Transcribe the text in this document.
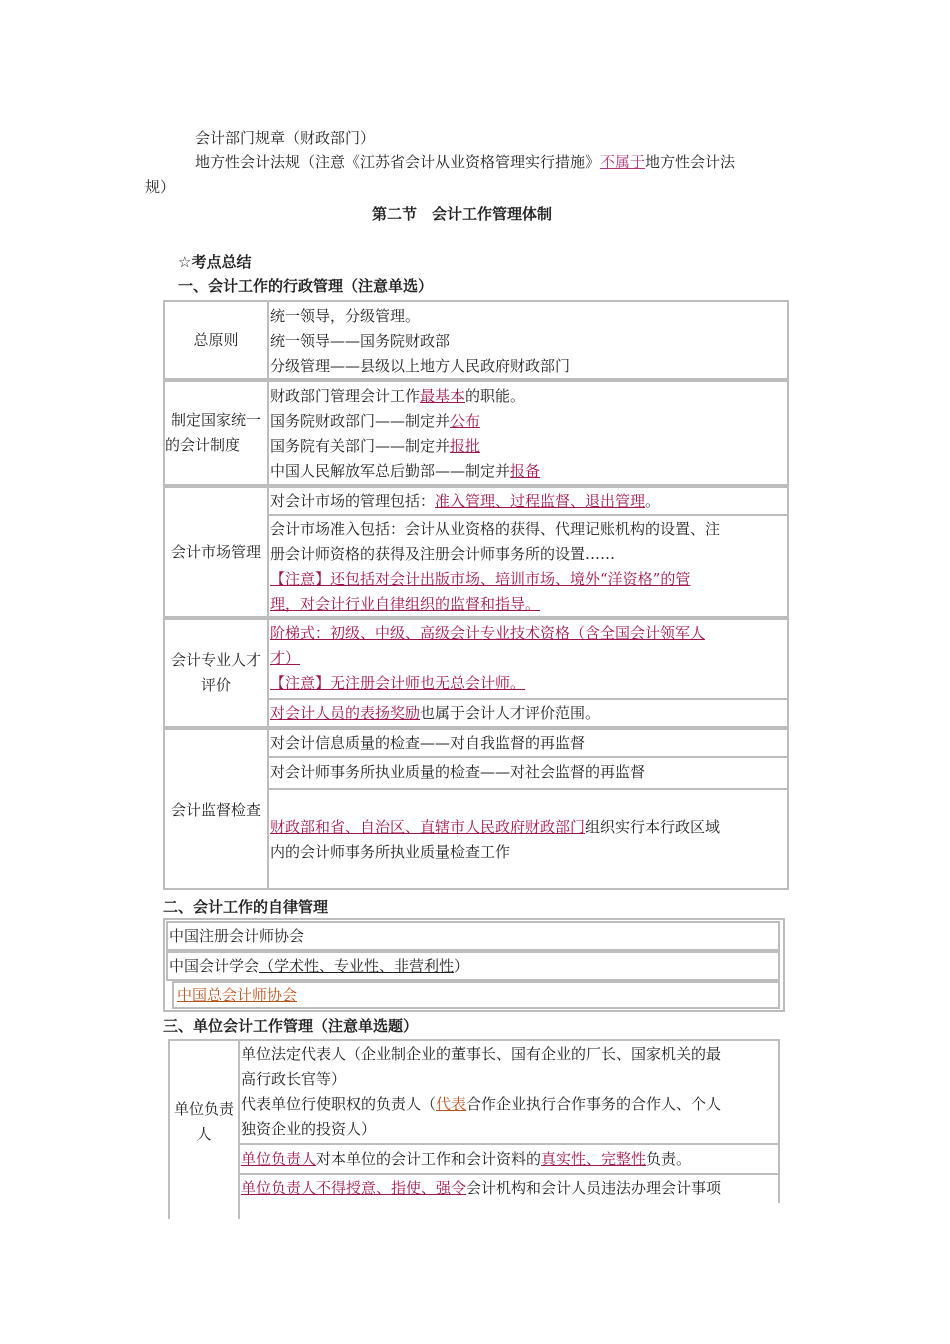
会计部门规章（财政部门）
地方性会计法规（注意《江苏省会计从业资格管理实行措施》不属于地方性会计法
规）
第二节　会计工作管理体制
☆考点总结
一、会计工作的行政管理（注意单选）
总原则
统一领导，分级管理。
统一领导——国务院财政部
分级管理——县级以上地方人民政府财政部门
制定国家统一
的会计制度
财政部门管理会计工作最基本的职能。
国务院财政部门——制定并公布
国务院有关部门——制定并报批
中国人民解放军总后勤部——制定并报备
会计市场管理
对会计市场的管理包括：准入管理、过程监督、退出管理。
会计市场准入包括：会计从业资格的获得、代理记账机构的设置、注
册会计师资格的获得及注册会计师事务所的设置……
【注意】还包括对会计出版市场、培训市场、境外“洋资格”的管
理，对会计行业自律组织的监督和指导。
会计专业人才
评价
阶梯式：初级、中级、高级会计专业技术资格（含全国会计领军人
才）
【注意】无注册会计师也无总会计师。
对会计人员的表扬奖励也属于会计人才评价范围。
会计监督检查
对会计信息质量的检查——对自我监督的再监督
对会计师事务所执业质量的检查——对社会监督的再监督
财政部和省、自治区、直辖市人民政府财政部门组织实行本行政区域
内的会计师事务所执业质量检查工作
二、会计工作的自律管理
中国注册会计师协会
中国会计学会（学术性、专业性、非营利性）
中国总会计师协会
三、单位会计工作管理（注意单选题）
单位负责
人
单位法定代表人（企业制企业的董事长、国有企业的厂长、国家机关的最
高行政长官等）
代表单位行使职权的负责人（代表合作企业执行合作事务的合作人、个人
独资企业的投资人）
单位负责人对本单位的会计工作和会计资料的真实性、完整性负责。
单位负责人不得授意、指使、强令会计机构和会计人员违法办理会计事项
